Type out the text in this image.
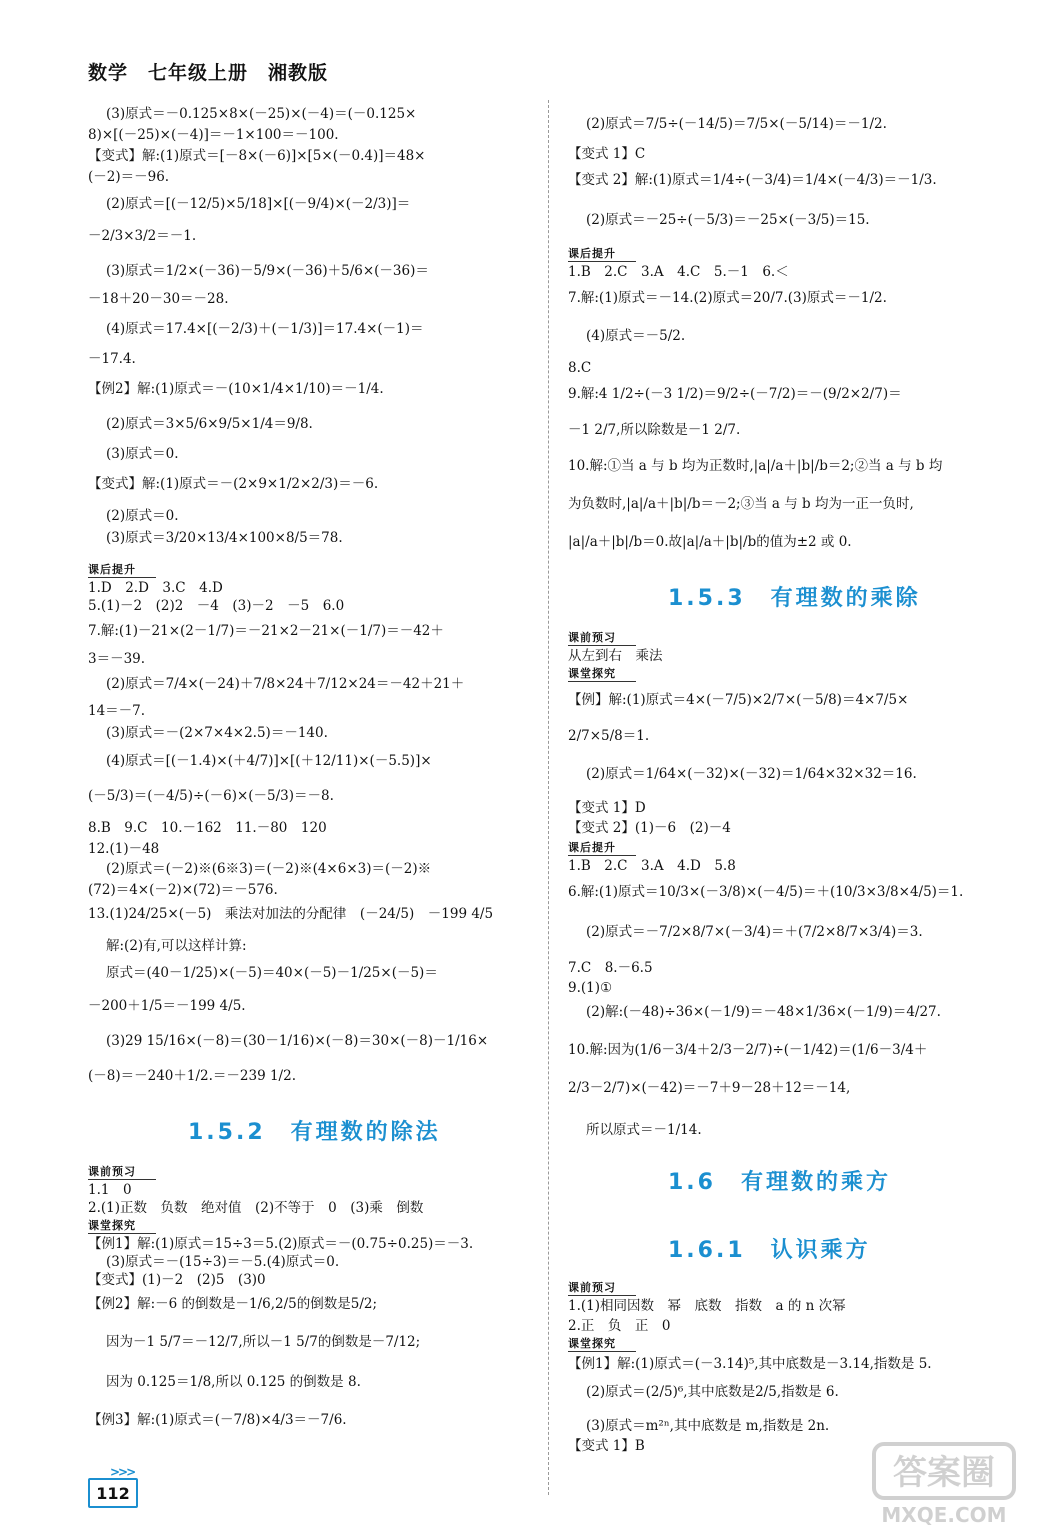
数学　七年级上册　湘教版
(3)原式＝－0.125×8×(－25)×(－4)＝(－0.125×
8)×[(－25)×(－4)]＝－1×100＝－100.
【变式】解:(1)原式＝[－8×(－6)]×[5×(－0.4)]＝48×
(－2)＝－96.
(2)原式＝[(－12/5)×5/18]×[(－9/4)×(－2/3)]＝
－2/3×3/2＝－1.
(3)原式＝1/2×(－36)－5/9×(－36)＋5/6×(－36)＝
－18＋20－30＝－28.
(4)原式＝17.4×[(－2/3)＋(－1/3)]＝17.4×(－1)＝
－17.4.
【例2】解:(1)原式＝－(10×1/4×1/10)＝－1/4.
(2)原式＝3×5/6×9/5×1/4＝9/8.
(3)原式＝0.
【变式】解:(1)原式＝－(2×9×1/2×2/3)＝－6.
(2)原式＝0.
(3)原式＝3/20×13/4×100×8/5＝78.
课后提升
1.D　2.D　3.C　4.D
5.(1)－2　(2)2　－4　(3)－2　－5　6.0
7.解:(1)－21×(2－1/7)＝－21×2－21×(－1/7)＝－42＋
3＝－39.
(2)原式＝7/4×(－24)＋7/8×24＋7/12×24＝－42＋21＋
14＝－7.
(3)原式＝－(2×7×4×2.5)＝－140.
(4)原式＝[(－1.4)×(＋4/7)]×[(＋12/11)×(－5.5)]×
(－5/3)＝(－4/5)÷(－6)×(－5/3)＝－8.
8.B　9.C　10.－162　11.－80　120
12.(1)－48
(2)原式＝(－2)※(6※3)＝(－2)※(4×6×3)＝(－2)※
(72)＝4×(－2)×(72)＝－576.
13.(1)24/25×(－5)　乘法对加法的分配律　(－24/5)　－199 4/5
解:(2)有,可以这样计算:
原式＝(40－1/25)×(－5)＝40×(－5)－1/25×(－5)＝
－200＋1/5＝－199 4/5.
(3)29 15/16×(－8)＝(30－1/16)×(－8)＝30×(－8)－1/16×
(－8)＝－240＋1/2.＝－239 1/2.
1.5.2　有理数的除法
课前预习
1.1　0
2.(1)正数　负数　绝对值　(2)不等于　0　(3)乘　倒数
课堂探究
【例1】解:(1)原式＝15÷3＝5.(2)原式＝－(0.75÷0.25)＝－3.
(3)原式＝－(15÷3)＝－5.(4)原式＝0.
【变式】(1)－2　(2)5　(3)0
【例2】解:－6 的倒数是－1/6,2/5的倒数是5/2;
因为－1 5/7＝－12/7,所以－1 5/7的倒数是－7/12;
因为 0.125＝1/8,所以 0.125 的倒数是 8.
【例3】解:(1)原式＝(－7/8)×4/3＝－7/6.
(2)原式＝7/5÷(－14/5)＝7/5×(－5/14)＝－1/2.
【变式 1】C
【变式 2】解:(1)原式＝1/4÷(－3/4)＝1/4×(－4/3)＝－1/3.
(2)原式＝－25÷(－5/3)＝－25×(－3/5)＝15.
课后提升
1.B　2.C　3.A　4.C　5.－1　6.＜
7.解:(1)原式＝－14.(2)原式＝20/7.(3)原式＝－1/2.
(4)原式＝－5/2.
8.C
9.解:4 1/2÷(－3 1/2)＝9/2÷(－7/2)＝－(9/2×2/7)＝
－1 2/7,所以除数是－1 2/7.
10.解:①当 a 与 b 均为正数时,|a|/a＋|b|/b＝2;②当 a 与 b 均
为负数时,|a|/a＋|b|/b＝－2;③当 a 与 b 均为一正一负时,
|a|/a＋|b|/b＝0.故|a|/a＋|b|/b的值为±2 或 0.
1.5.3　有理数的乘除
课前预习
从左到右　乘法
课堂探究
【例】解:(1)原式＝4×(－7/5)×2/7×(－5/8)＝4×7/5×
2/7×5/8＝1.
(2)原式＝1/64×(－32)×(－32)＝1/64×32×32＝16.
【变式 1】D
【变式 2】(1)－6　(2)－4
课后提升
1.B　2.C　3.A　4.D　5.8
6.解:(1)原式＝10/3×(－3/8)×(－4/5)＝＋(10/3×3/8×4/5)＝1.
(2)原式＝－7/2×8/7×(－3/4)＝＋(7/2×8/7×3/4)＝3.
7.C　8.－6.5
9.(1)①
(2)解:(－48)÷36×(－1/9)＝－48×1/36×(－1/9)＝4/27.
10.解:因为(1/6－3/4＋2/3－2/7)÷(－1/42)＝(1/6－3/4＋
2/3－2/7)×(－42)＝－7＋9－28＋12＝－14,
所以原式＝－1/14.
1.6　有理数的乘方
1.6.1　认识乘方
课前预习
1.(1)相同因数　幂　底数　指数　a 的 n 次幂
2.正　负　正　0
课堂探究
【例1】解:(1)原式＝(－3.14)⁵,其中底数是－3.14,指数是 5.
(2)原式＝(2/5)⁶,其中底数是2/5,指数是 6.
(3)原式＝m²ⁿ,其中底数是 m,指数是 2n.
【变式 1】B
>>>
112	答案圈
MXQE.COM
